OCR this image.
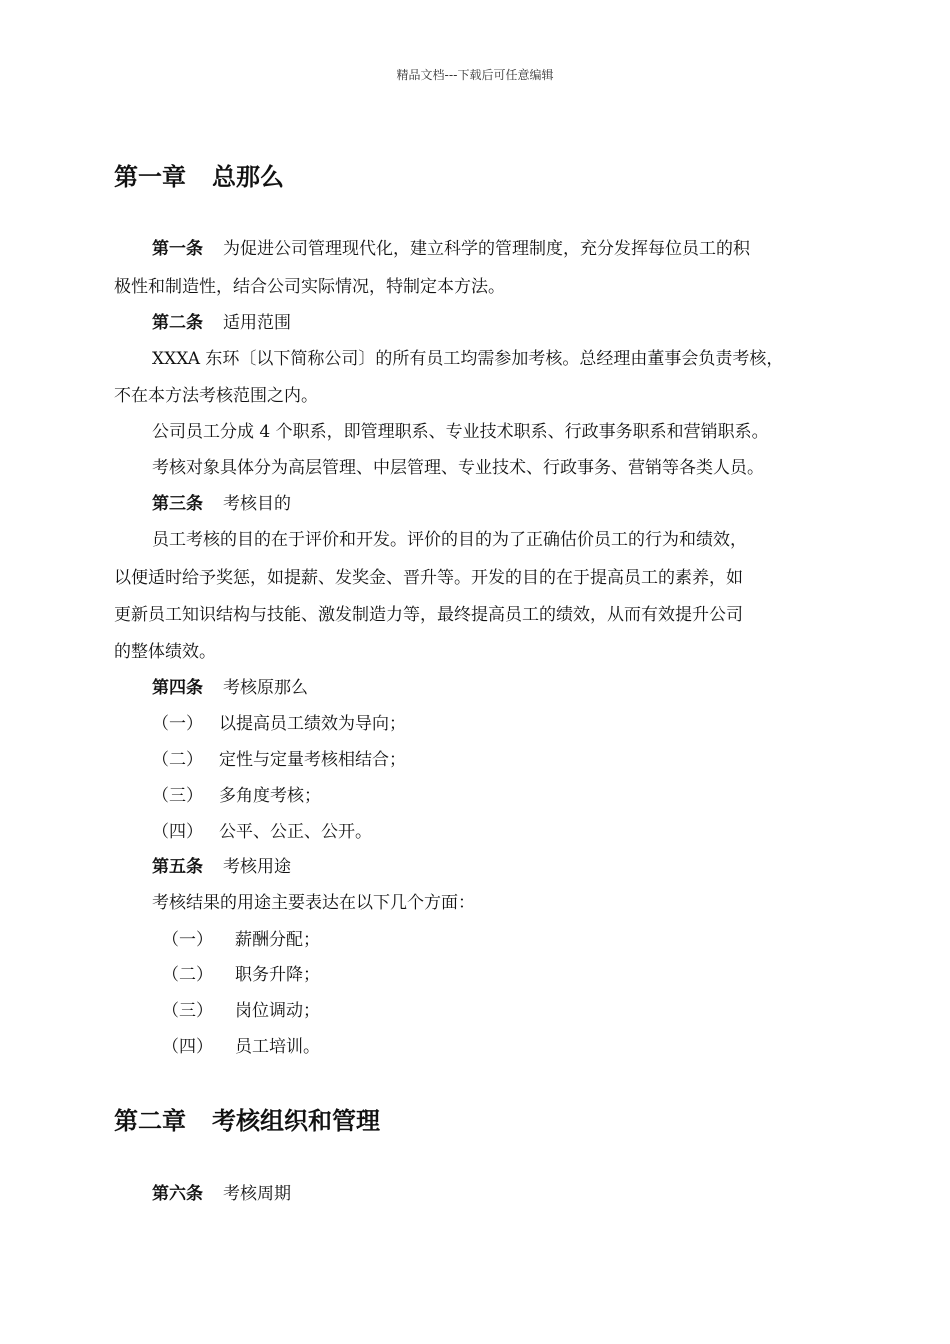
精品文档---下载后可任意编辑
第一章 总那么
第一条 为促进公司管理现代化，建立科学的管理制度，充分发挥每位员工的积
极性和制造性，结合公司实际情况，特制定本方法。
第二条 适用范围
XXXA 东环〔以下简称公司〕的所有员工均需参加考核。总经理由董事会负责考核，
不在本方法考核范围之内。
公司员工分成 4 个职系，即管理职系、专业技术职系、行政事务职系和营销职系。
考核对象具体分为高层管理、中层管理、专业技术、行政事务、营销等各类人员。
第三条 考核目的
员工考核的目的在于评价和开发。评价的目的为了正确估价员工的行为和绩效，
以便适时给予奖惩，如提薪、发奖金、晋升等。开发的目的在于提高员工的素养，如
更新员工知识结构与技能、激发制造力等，最终提高员工的绩效，从而有效提升公司
的整体绩效。
第四条 考核原那么
（一） 以提高员工绩效为导向；
（二） 定性与定量考核相结合；
（三） 多角度考核；
（四） 公平、公正、公开。
第五条 考核用途
考核结果的用途主要表达在以下几个方面：
（一） 薪酬分配；
（二） 职务升降；
（三） 岗位调动；
（四） 员工培训。
第二章 考核组织和管理
第六条 考核周期
